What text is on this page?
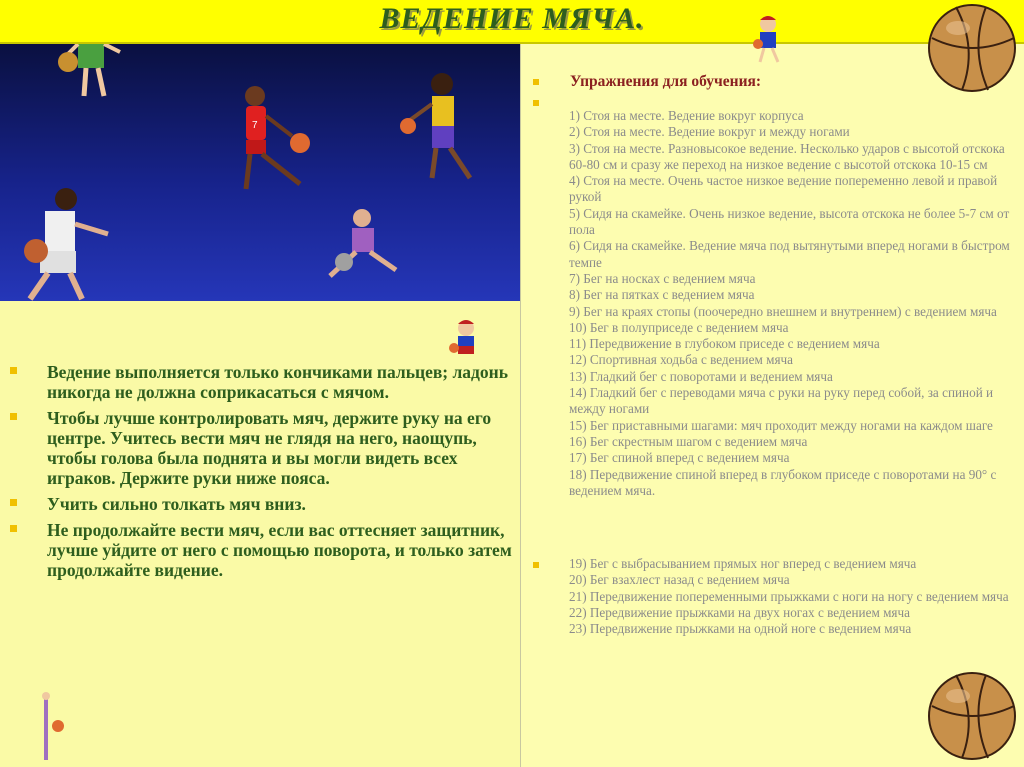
7
ВЕДЕНИЕ МЯЧА.
Ведение выполняется только кончиками пальцев; ладонь никогда не должна соприкасаться с мячом.
Чтобы лучше контролировать мяч, держите руку на его центре. Учитесь вести мяч не глядя на него, наощупь, чтобы голова была поднята и вы могли видеть всех играков. Держите руки ниже пояса.
Учить сильно толкать мяч вниз.
Не продолжайте вести мяч, если вас оттесняет защитник, лучше уйдите от него с помощью поворота, и только затем продолжайте видение.
Упражнения для обучения:
1) Стоя на месте. Ведение вокруг корпуса
2) Стоя на месте. Ведение вокруг и между ногами
3) Стоя на месте. Разновысокое ведение. Несколько ударов с высотой отскока 60-80 см и сразу же переход на низкое ведение с высотой отскока 10-15 см
4) Стоя на месте. Очень частое низкое ведение попеременно левой и правой рукой
5) Сидя на скамейке. Очень низкое ведение, высота отскока не более 5-7 см от пола
6) Сидя на скамейке. Ведение мяча под вытянутыми вперед ногами в быстром темпе
7) Бег на носках с ведением мяча
8) Бег на пятках с ведением мяча
9) Бег на краях стопы (поочередно внешнем и внутреннем) с ведением мяча
10) Бег в полуприседе с ведением мяча
11) Передвижение в глубоком приседе с ведением мяча
12) Спортивная ходьба с ведением мяча
13) Гладкий бег с поворотами и ведением мяча
14) Гладкий бег с переводами мяча с руки на руку перед собой, за спиной и между ногами
15) Бег приставными шагами: мяч проходит между ногами на каждом шаге
16) Бег скрестным шагом с ведением мяча
17) Бег спиной вперед с ведением мяча
18) Передвижение спиной вперед в глубоком приседе с поворотами на 90° с ведением мяча.
19) Бег с выбрасыванием прямых ног вперед с ведением мяча
20) Бег взахлест назад с ведением мяча
21) Передвижение попеременными прыжками с ноги на ногу с ведением мяча
22) Передвижение прыжками на двух ногах с ведением мяча
23) Передвижение прыжками на одной ноге с ведением мяча
